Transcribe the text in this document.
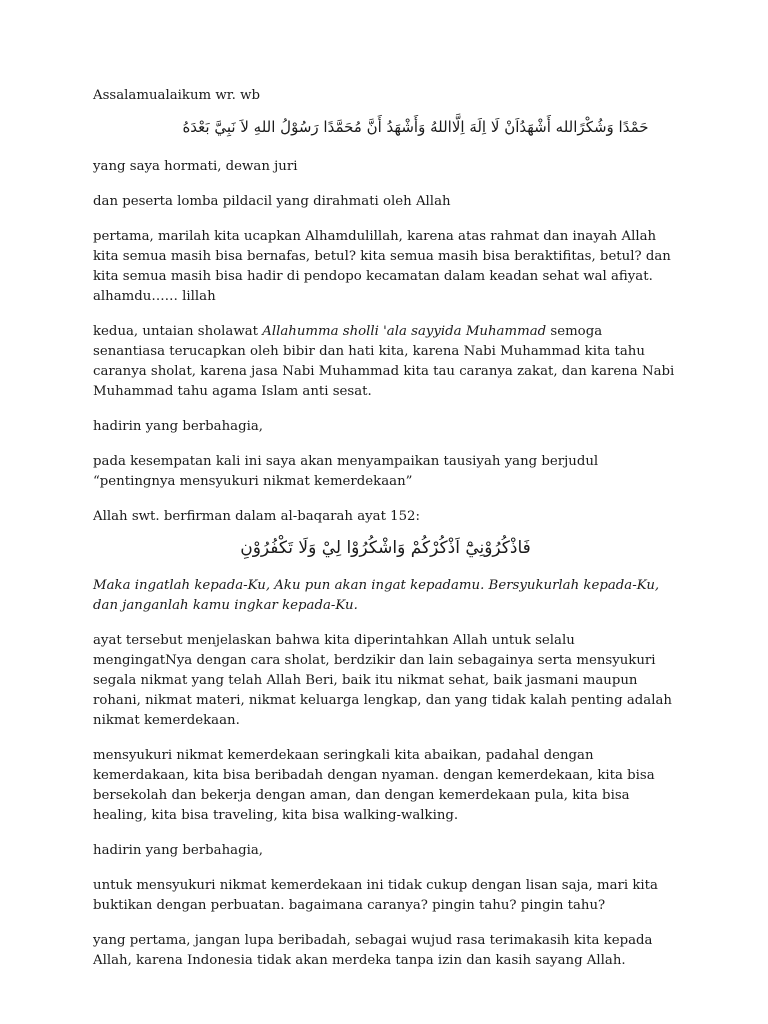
Assalamualaikum wr. wb

حَمْدًا وَشُكْرًالله أَشْهَدُاَنْ لَا اِلَهَ اِلَّااللهُ وَأَشْهَدُ أَنَّ مُحَمَّدًا رَسُوْلُ اللهِ لاَ نَبِيَّ بَعْدَهُ

yang saya hormati, dewan juri

dan peserta lomba pildacil yang dirahmati oleh Allah

pertama, marilah kita ucapkan Alhamdulillah, karena atas rahmat dan inayah Allah kita semua masih bisa bernafas, betul? kita semua masih bisa beraktifitas, betul? dan kita semua masih bisa hadir di pendopo kecamatan dalam keadan sehat wal afiyat. alhamdu…… lillah

kedua, untaian sholawat Allahumma sholli 'ala sayyida Muhammad semoga senantiasa terucapkan oleh bibir dan hati kita, karena Nabi Muhammad kita tahu caranya sholat, karena jasa Nabi Muhammad kita tau caranya zakat, dan karena Nabi Muhammad tahu agama Islam anti sesat.

hadirin yang berbahagia,

pada kesempatan kali ini saya akan menyampaikan tausiyah yang berjudul “pentingnya mensyukuri nikmat kemerdekaan”

Allah swt. berfirman dalam al-baqarah ayat 152:

فَاذْكُرُوْنِيْٓ اَذْكُرْكُمْ وَاشْكُرُوْا لِيْ وَلَا تَكْفُرُوْنِ

Maka ingatlah kepada-Ku, Aku pun akan ingat kepadamu. Bersyukurlah kepada-Ku, dan janganlah kamu ingkar kepada-Ku.

ayat tersebut menjelaskan bahwa kita diperintahkan Allah untuk selalu mengingatNya dengan cara sholat, berdzikir dan lain sebagainya serta mensyukuri segala nikmat yang telah Allah Beri, baik itu nikmat sehat, baik jasmani maupun rohani, nikmat materi, nikmat keluarga lengkap, dan yang tidak kalah penting adalah nikmat kemerdekaan.

mensyukuri nikmat kemerdekaan seringkali kita abaikan, padahal dengan kemerdakaan, kita bisa beribadah dengan nyaman. dengan kemerdekaan, kita bisa bersekolah dan bekerja dengan aman, dan dengan kemerdekaan pula, kita bisa healing, kita bisa traveling, kita bisa walking-walking.

hadirin yang berbahagia,

untuk mensyukuri nikmat kemerdekaan ini tidak cukup dengan lisan saja, mari kita buktikan dengan perbuatan. bagaimana caranya? pingin tahu? pingin tahu?

yang pertama, jangan lupa beribadah, sebagai wujud rasa terimakasih kita kepada Allah, karena Indonesia tidak akan merdeka tanpa izin dan kasih sayang Allah.
